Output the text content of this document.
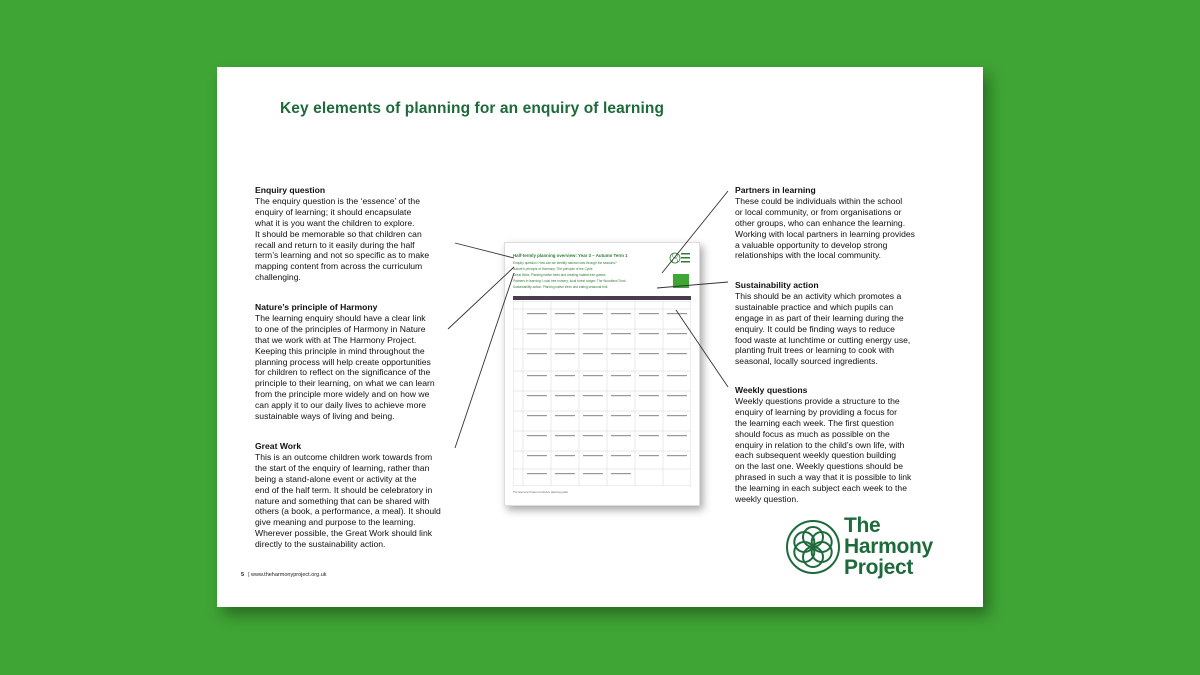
Key elements of planning for an enquiry of learning
Enquiry question
The enquiry question is the ‘essence’ of the
enquiry of learning; it should encapsulate
what it is you want the children to explore.
It should be memorable so that children can
recall and return to it easily during the half
term’s learning and not so specific as to make
mapping content from across the curriculum
challenging.
Nature’s principle of Harmony
The learning enquiry should have a clear link
to one of the principles of Harmony in Nature
that we work with at The Harmony Project.
Keeping this principle in mind throughout the
planning process will help create opportunities
for children to reflect on the significance of the
principle to their learning, on what we can learn
from the principle more widely and on how we
can apply it to our daily lives to achieve more
sustainable ways of living and being.
Great Work
This is an outcome children work towards from
the start of the enquiry of learning, rather than
being a stand-alone event or activity at the
end of the half term. It should be celebratory in
nature and something that can be shared with
others (a book, a performance, a meal). It should
give meaning and purpose to the learning.
Wherever possible, the Great Work should link
directly to the sustainability action.
Partners in learning
These could be individuals within the school
or local community, or from organisations or
other groups, who can enhance the learning.
Working with local partners in learning provides
a valuable opportunity to develop strong
relationships with the local community.
Sustainability action
This should be an activity which promotes a
sustainable practice and which pupils can
engage in as part of their learning during the
enquiry. It could be finding ways to reduce
food waste at lunchtime or cutting energy use,
planting fruit trees or learning to cook with
seasonal, locally sourced ingredients.
Weekly questions
Weekly questions provide a structure to the
enquiry of learning by providing a focus for
the learning each week. The first question
should focus as much as possible on the
enquiry in relation to the child’s own life, with
each subsequent weekly question building
on the last one. Weekly questions should be
phrased in such a way that it is possible to link
the learning in each subject each week to the
weekly question.
Half-termly planning overview: Year 3 – Autumn Term 1
Enquiry question: How can we identify natural rows through the seasons?
Nature's principle of Harmony: The principle of the Cycle
Great Work: Planting native trees and creating habitat tree guides
Partners in learning: Local tree nursery; local forest ranger; The Woodland Trust
Sustainability action: Planting native trees and eating seasonal fruit
The Harmony Project curriculum planning guide
The
Harmony
Project
5 | www.theharmonyproject.org.uk
